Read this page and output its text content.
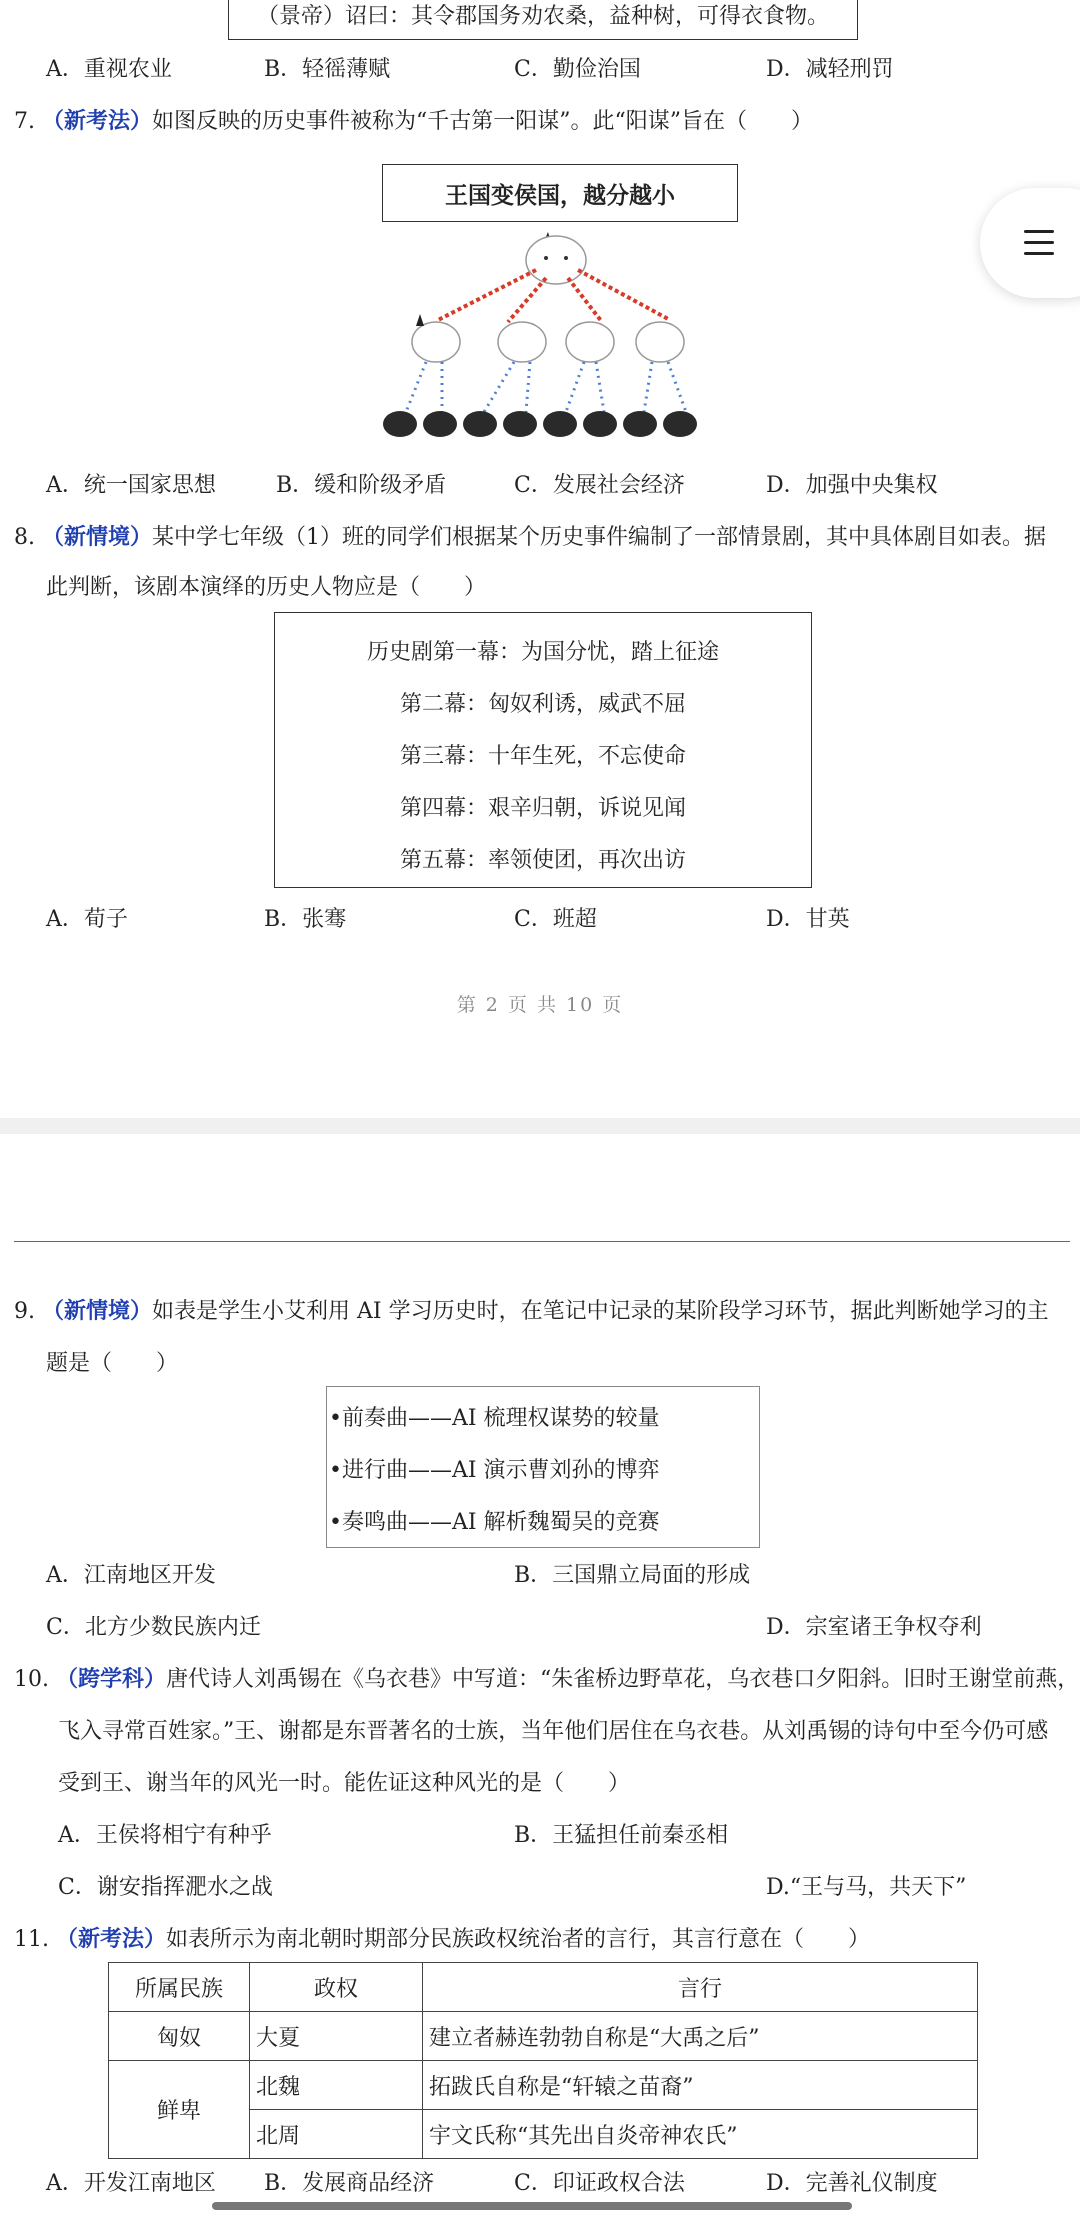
（景帝）诏曰：其令郡国务劝农桑，益种树，可得衣食物。
A．重视农业	B．轻徭薄赋	C．勤俭治国	D．减轻刑罚
7. （新考法）如图反映的历史事件被称为“千古第一阳谋”。此“阳谋”旨在（　　）
王国变侯国，越分越小
A．统一国家思想	B．缓和阶级矛盾	C．发展社会经济	D．加强中央集权
8. （新情境）某中学七年级（1）班的同学们根据某个历史事件编制了一部情景剧，其中具体剧目如表。据
此判断，该剧本演绎的历史人物应是（　　）
历史剧第一幕：为国分忧，踏上征途
第二幕：匈奴利诱，威武不屈
第三幕：十年生死，不忘使命
第四幕：艰辛归朝，诉说见闻
第五幕：率领使团，再次出访
A．荀子	B．张骞	C．班超	D．甘英
第 2 页 共 10 页
9. （新情境）如表是学生小艾利用 AI 学习历史时，在笔记中记录的某阶段学习环节，据此判断她学习的主
题是（　　）
•前奏曲——AI 梳理权谋势的较量
•进行曲——AI 演示曹刘孙的博弈
•奏鸣曲——AI 解析魏蜀吴的竞赛
A．江南地区开发	B．三国鼎立局面的形成
C．北方少数民族内迁	D．宗室诸王争权夺利
10. （跨学科）唐代诗人刘禹锡在《乌衣巷》中写道：“朱雀桥边野草花，乌衣巷口夕阳斜。旧时王谢堂前燕，
飞入寻常百姓家。”王、谢都是东晋著名的士族，当年他们居住在乌衣巷。从刘禹锡的诗句中至今仍可感
受到王、谢当年的风光一时。能佐证这种风光的是（　　）
A．王侯将相宁有种乎	B．王猛担任前秦丞相
C．谢安指挥淝水之战	D.“王与马，共天下”
11. （新考法）如表所示为南北朝时期部分民族政权统治者的言行，其言行意在（　　）
所属民族	政权	言行
匈奴	大夏	建立者赫连勃勃自称是“大禹之后”
鲜卑	北魏	拓跋氏自称是“轩辕之苗裔”
	北周	宇文氏称“其先出自炎帝神农氏”
A．开发江南地区 B．发展商品经济	C．印证政权合法	D．完善礼仪制度
